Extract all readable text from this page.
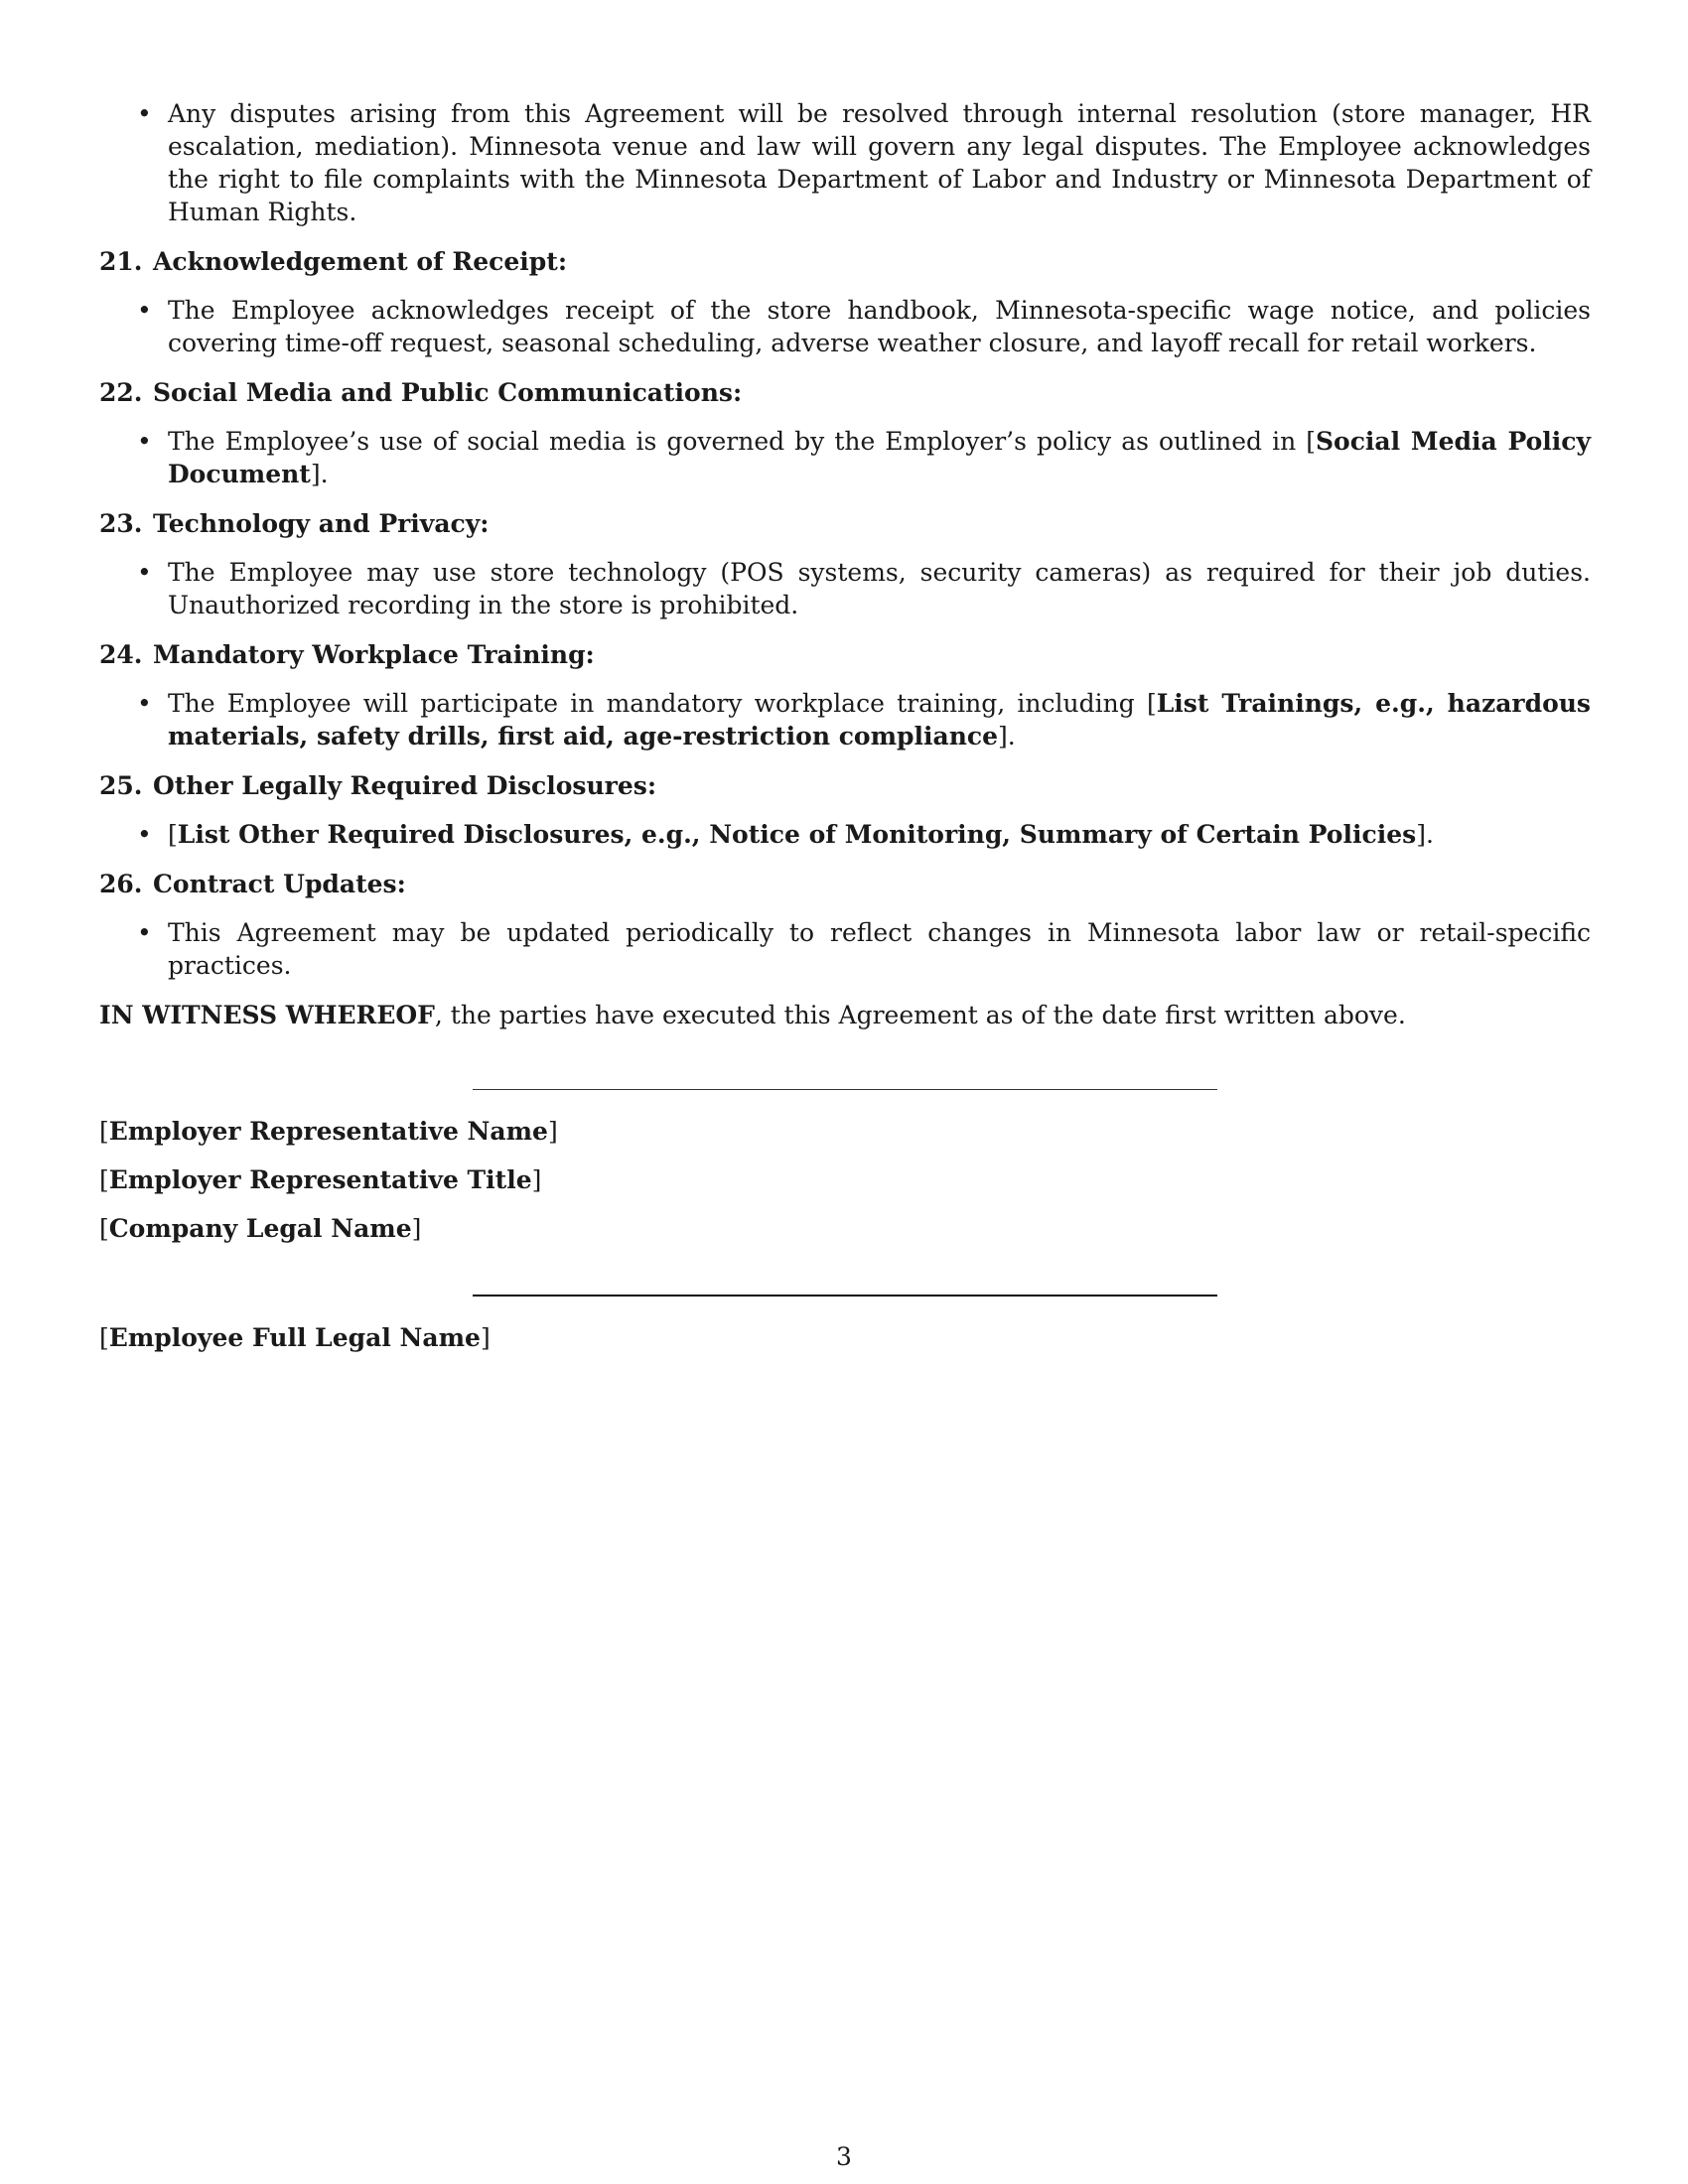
• Any disputes arising from this Agreement will be resolved through internal resolution (store manager, HR escalation, mediation). Minnesota venue and law will govern any legal disputes. The Employee acknowledges the right to file complaints with the Minnesota Department of Labor and Industry or Minnesota Department of Human Rights.
21. Acknowledgement of Receipt:
• The Employee acknowledges receipt of the store handbook, Minnesota-specific wage notice, and policies covering time-off request, seasonal scheduling, adverse weather closure, and layoff recall for retail workers.
22. Social Media and Public Communications:
• The Employee’s use of social media is governed by the Employer’s policy as outlined in [Social Media Policy Document].
23. Technology and Privacy:
• The Employee may use store technology (POS systems, security cameras) as required for their job duties. Unauthorized recording in the store is prohibited.
24. Mandatory Workplace Training:
• The Employee will participate in mandatory workplace training, including [List Trainings, e.g., hazardous materials, safety drills, first aid, age-restriction compliance].
25. Other Legally Required Disclosures:
• [List Other Required Disclosures, e.g., Notice of Monitoring, Summary of Certain Policies].
26. Contract Updates:
• This Agreement may be updated periodically to reflect changes in Minnesota labor law or retail-specific practices.

IN WITNESS WHEREOF, the parties have executed this Agreement as of the date first written above.

[Employer Representative Name]

[Employer Representative Title]

[Company Legal Name]

[Employee Full Legal Name]

3
